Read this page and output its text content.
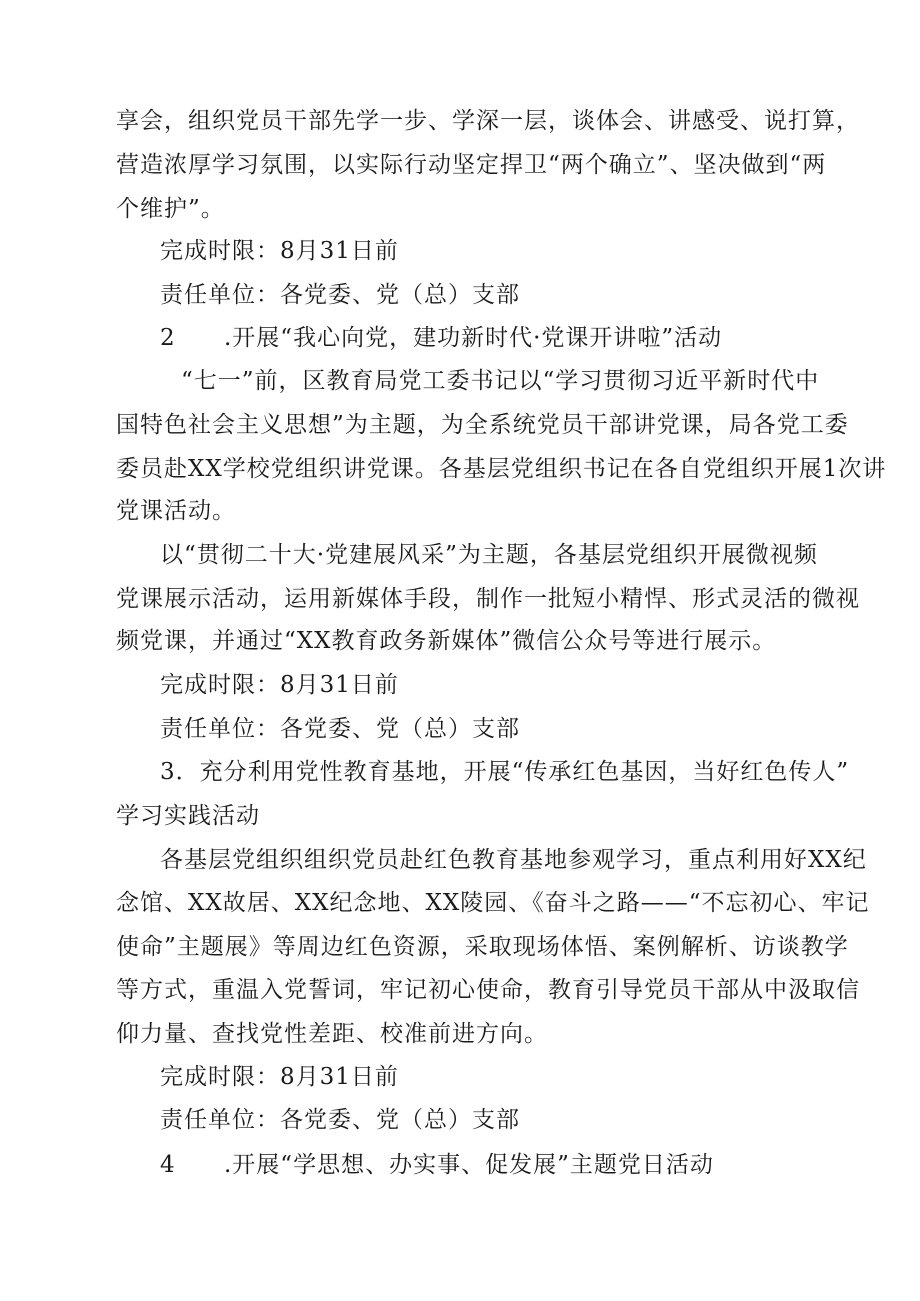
享会，组织党员干部先学一步、学深一层，谈体会、讲感受、说打算，
营造浓厚学习氛围，以实际行动坚定捍卫“两个确立”、坚决做到“两
个维护”。
完成时限：8月31日前
责任单位：各党委、党（总）支部
2 .开展“我心向党，建功新时代·党课开讲啦”活动
“七一”前，区教育局党工委书记以“学习贯彻习近平新时代中
国特色社会主义思想”为主题，为全系统党员干部讲党课，局各党工委
委员赴XX学校党组织讲党课。各基层党组织书记在各自党组织开展1次讲
党课活动。
以“贯彻二十大·党建展风采”为主题，各基层党组织开展微视频
党课展示活动，运用新媒体手段，制作一批短小精悍、形式灵活的微视
频党课，并通过“XX教育政务新媒体”微信公众号等进行展示。
完成时限：8月31日前
责任单位：各党委、党（总）支部
3．充分利用党性教育基地，开展“传承红色基因，当好红色传人”
学习实践活动
各基层党组织组织党员赴红色教育基地参观学习，重点利用好XX纪
念馆、XX故居、XX纪念地、XX陵园、《奋斗之路——“不忘初心、牢记
使命”主题展》等周边红色资源，采取现场体悟、案例解析、访谈教学
等方式，重温入党誓词，牢记初心使命，教育引导党员干部从中汲取信
仰力量、查找党性差距、校准前进方向。
完成时限：8月31日前
责任单位：各党委、党（总）支部
4 .开展“学思想、办实事、促发展”主题党日活动
